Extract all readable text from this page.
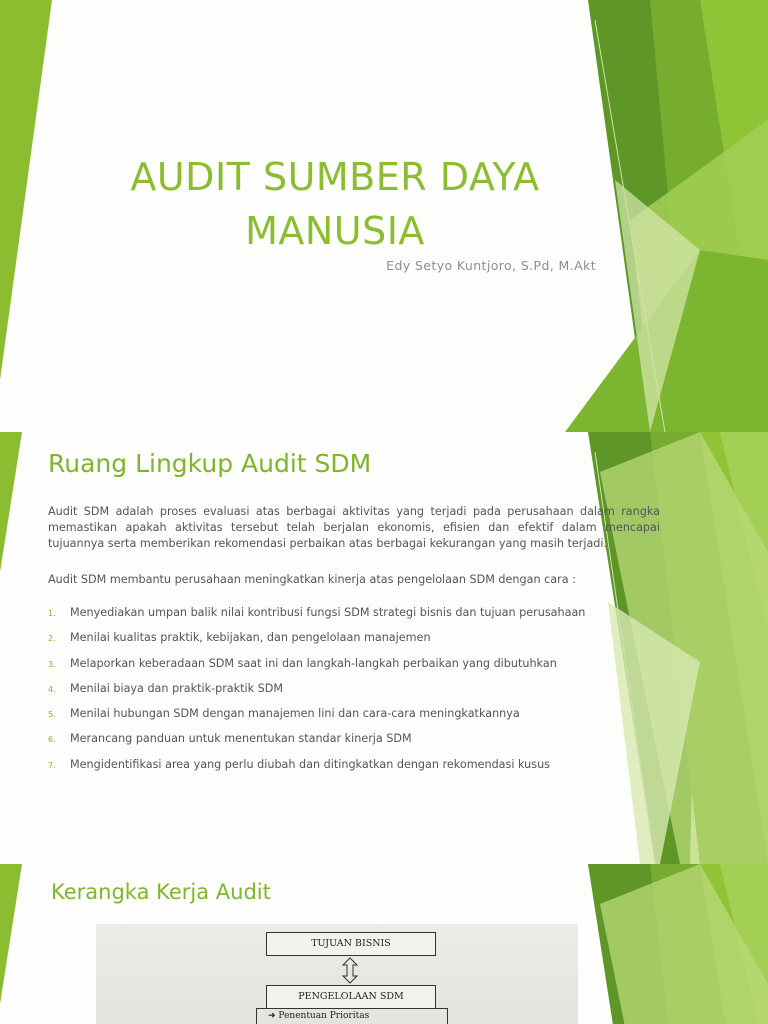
AUDIT SUMBER DAYA
MANUSIA
Edy Setyo Kuntjoro, S.Pd, M.Akt
Ruang Lingkup Audit SDM
Audit SDM adalah proses evaluasi atas berbagai aktivitas yang terjadi pada perusahaan dalam rangka memastikan apakah aktivitas tersebut telah berjalan ekonomis, efisien dan efektif dalam mencapai tujuannya serta memberikan rekomendasi perbaikan atas berbagai kekurangan yang masih terjadi.
Audit SDM membantu perusahaan meningkatkan kinerja atas pengelolaan SDM dengan cara :
1. Menyediakan umpan balik nilai kontribusi fungsi SDM strategi bisnis dan tujuan perusahaan
2. Menilai kualitas praktik, kebijakan, dan pengelolaan manajemen
3. Melaporkan keberadaan SDM saat ini dan langkah-langkah perbaikan yang dibutuhkan
4. Menilai biaya dan praktik-praktik SDM
5. Menilai hubungan SDM dengan manajemen lini dan cara-cara meningkatkannya
6. Merancang panduan untuk menentukan standar kinerja SDM
7. Mengidentifikasi area yang perlu diubah dan ditingkatkan dengan rekomendasi kusus
Kerangka Kerja Audit
TUJUAN BISNIS
PENGELOLAAN SDM
➜ Penentuan Prioritas
